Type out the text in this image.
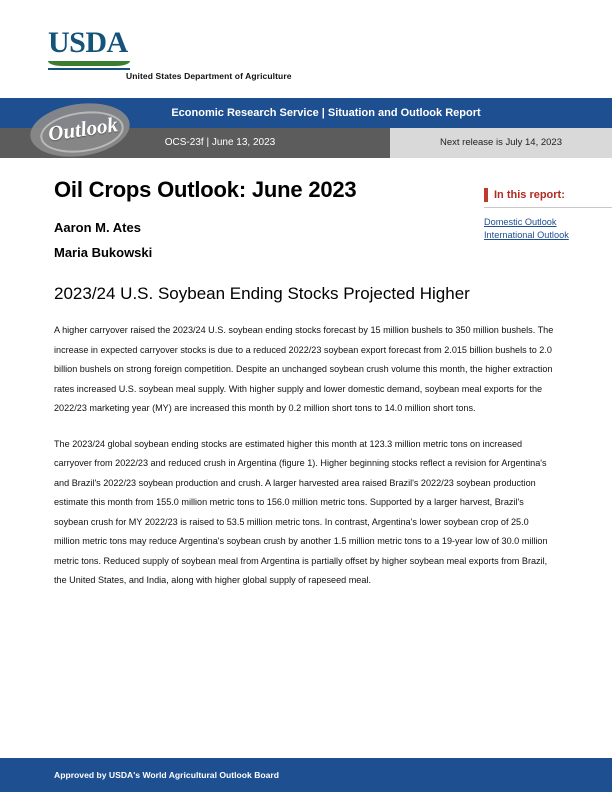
USDA
United States Department of Agriculture
Economic Research Service | Situation and Outlook Report
OCS-23f | June 13, 2023	Next release is July 14, 2023
Outlook
Oil Crops Outlook: June 2023

Aaron M. Ates

Maria Bukowski

In this report:
Domestic Outlook
International Outlook
2023/24 U.S. Soybean Ending Stocks Projected Higher

A higher carryover raised the 2023/24 U.S. soybean ending stocks forecast by 15 million bushels to 350 million bushels. The increase in expected carryover stocks is due to a reduced 2022/23 soybean export forecast from 2.015 billion bushels to 2.0 billion bushels on strong foreign competition. Despite an unchanged soybean crush volume this month, the higher extraction rates increased U.S. soybean meal supply. With higher supply and lower domestic demand, soybean meal exports for the 2022/23 marketing year (MY) are increased this month by 0.2 million short tons to 14.0 million short tons.

The 2023/24 global soybean ending stocks are estimated higher this month at 123.3 million metric tons on increased carryover from 2022/23 and reduced crush in Argentina (figure 1). Higher beginning stocks reflect a revision for Argentina's and Brazil's 2022/23 soybean production and crush. A larger harvested area raised Brazil's 2022/23 soybean production estimate this month from 155.0 million metric tons to 156.0 million metric tons. Supported by a larger harvest, Brazil's soybean crush for MY 2022/23 is raised to 53.5 million metric tons. In contrast, Argentina's lower soybean crop of 25.0 million metric tons may reduce Argentina's soybean crush by another 1.5 million metric tons to a 19-year low of 30.0 million metric tons. Reduced supply of soybean meal from Argentina is partially offset by higher soybean meal exports from Brazil, the United States, and India, along with higher global supply of rapeseed meal.

Approved by USDA's World Agricultural Outlook Board
